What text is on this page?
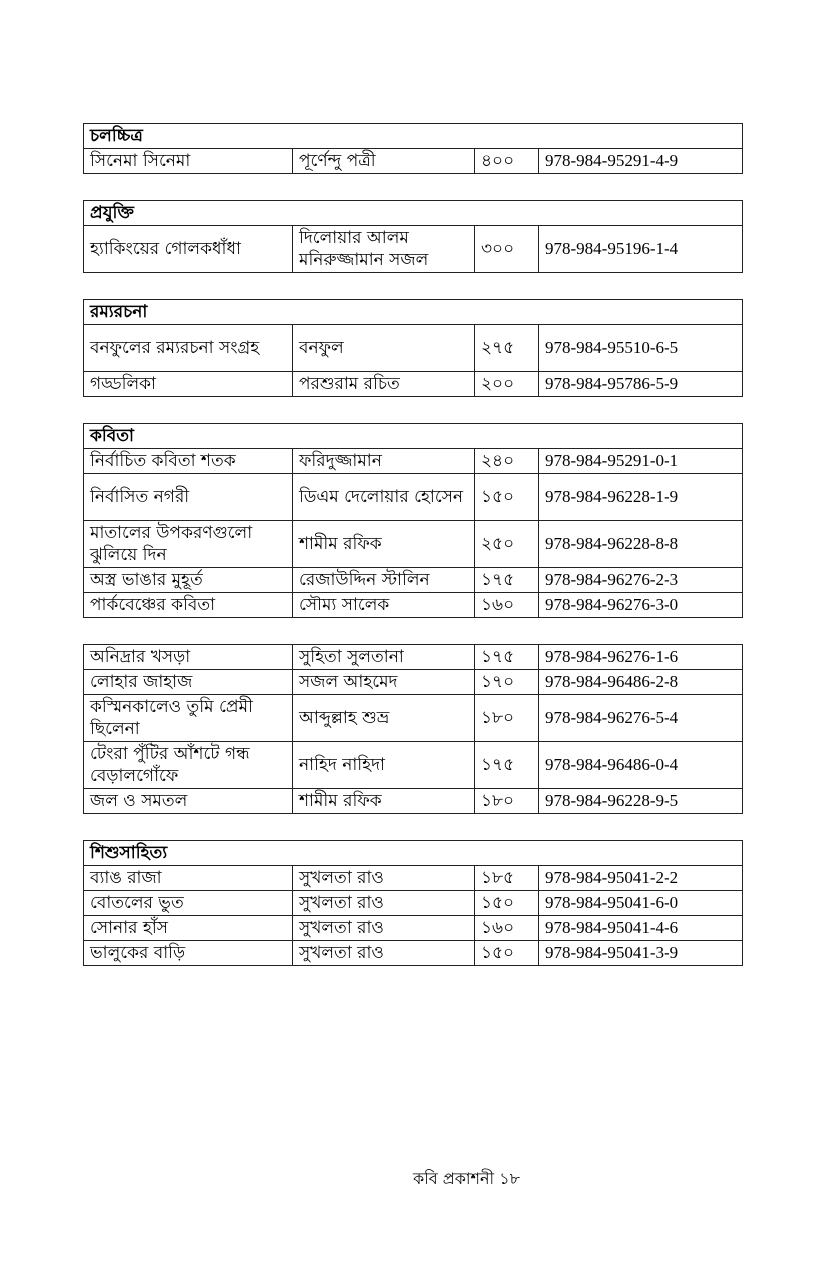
চলচ্চিত্র
সিনেমা সিনেমা	পূর্ণেন্দু পত্রী	৪০০	978-984-95291-4-9
প্রযুক্তি
হ্যাকিংয়ের গোলকধাঁধা	দিলোয়ার আলম মনিরুজ্জামান সজল	৩০০	978-984-95196-1-4
রম্যরচনা			
বনফুলের রম্যরচনা সংগ্রহ	বনফুল	২৭৫	978-984-95510-6-5
গড্ডলিকা	পরশুরাম রচিত	২০০	978-984-95786-5-9
কবিতা			
নির্বাচিত কবিতা শতক	ফরিদুজ্জামান	২৪০	978-984-95291-0-1
নির্বাসিত নগরী	ডিএম দেলোয়ার হোসেন	১৫০	978-984-96228-1-9
মাতালের উপকরণগুলো ঝুলিয়ে দিন	শামীম রফিক	২৫০	978-984-96228-8-8
অস্ত্র ভাঙার মুহূর্ত	রেজাউদ্দিন স্টালিন	১৭৫	978-984-96276-2-3
পার্কবেঞ্চের কবিতা	সৌম্য সালেক	১৬০	978-984-96276-3-0
অনিদ্রার খসড়া	সুহিতা সুলতানা	১৭৫	978-984-96276-1-6
লোহার জাহাজ	সজল আহমেদ	১৭০	978-984-96486-2-8
কস্মিনকালেও তুমি প্রেমী ছিলেনা	আব্দুল্লাহ শুভ্র	১৮০	978-984-96276-5-4
টেংরা পুঁটির আঁশটে গন্ধ বেড়ালগোঁফে	নাহিদ নাহিদা	১৭৫	978-984-96486-0-4
জল ও সমতল	শামীম রফিক	১৮০	978-984-96228-9-5
শিশুসাহিত্য			
ব্যাঙ রাজা	সুখলতা রাও	১৮৫	978-984-95041-2-2
বোতলের ভুত	সুখলতা রাও	১৫০	978-984-95041-6-0
সোনার হাঁস	সুখলতা রাও	১৬০	978-984-95041-4-6
ভালুকের বাড়ি	সুখলতা রাও	১৫০	978-984-95041-3-9
কবি প্রকাশনী ১৮
